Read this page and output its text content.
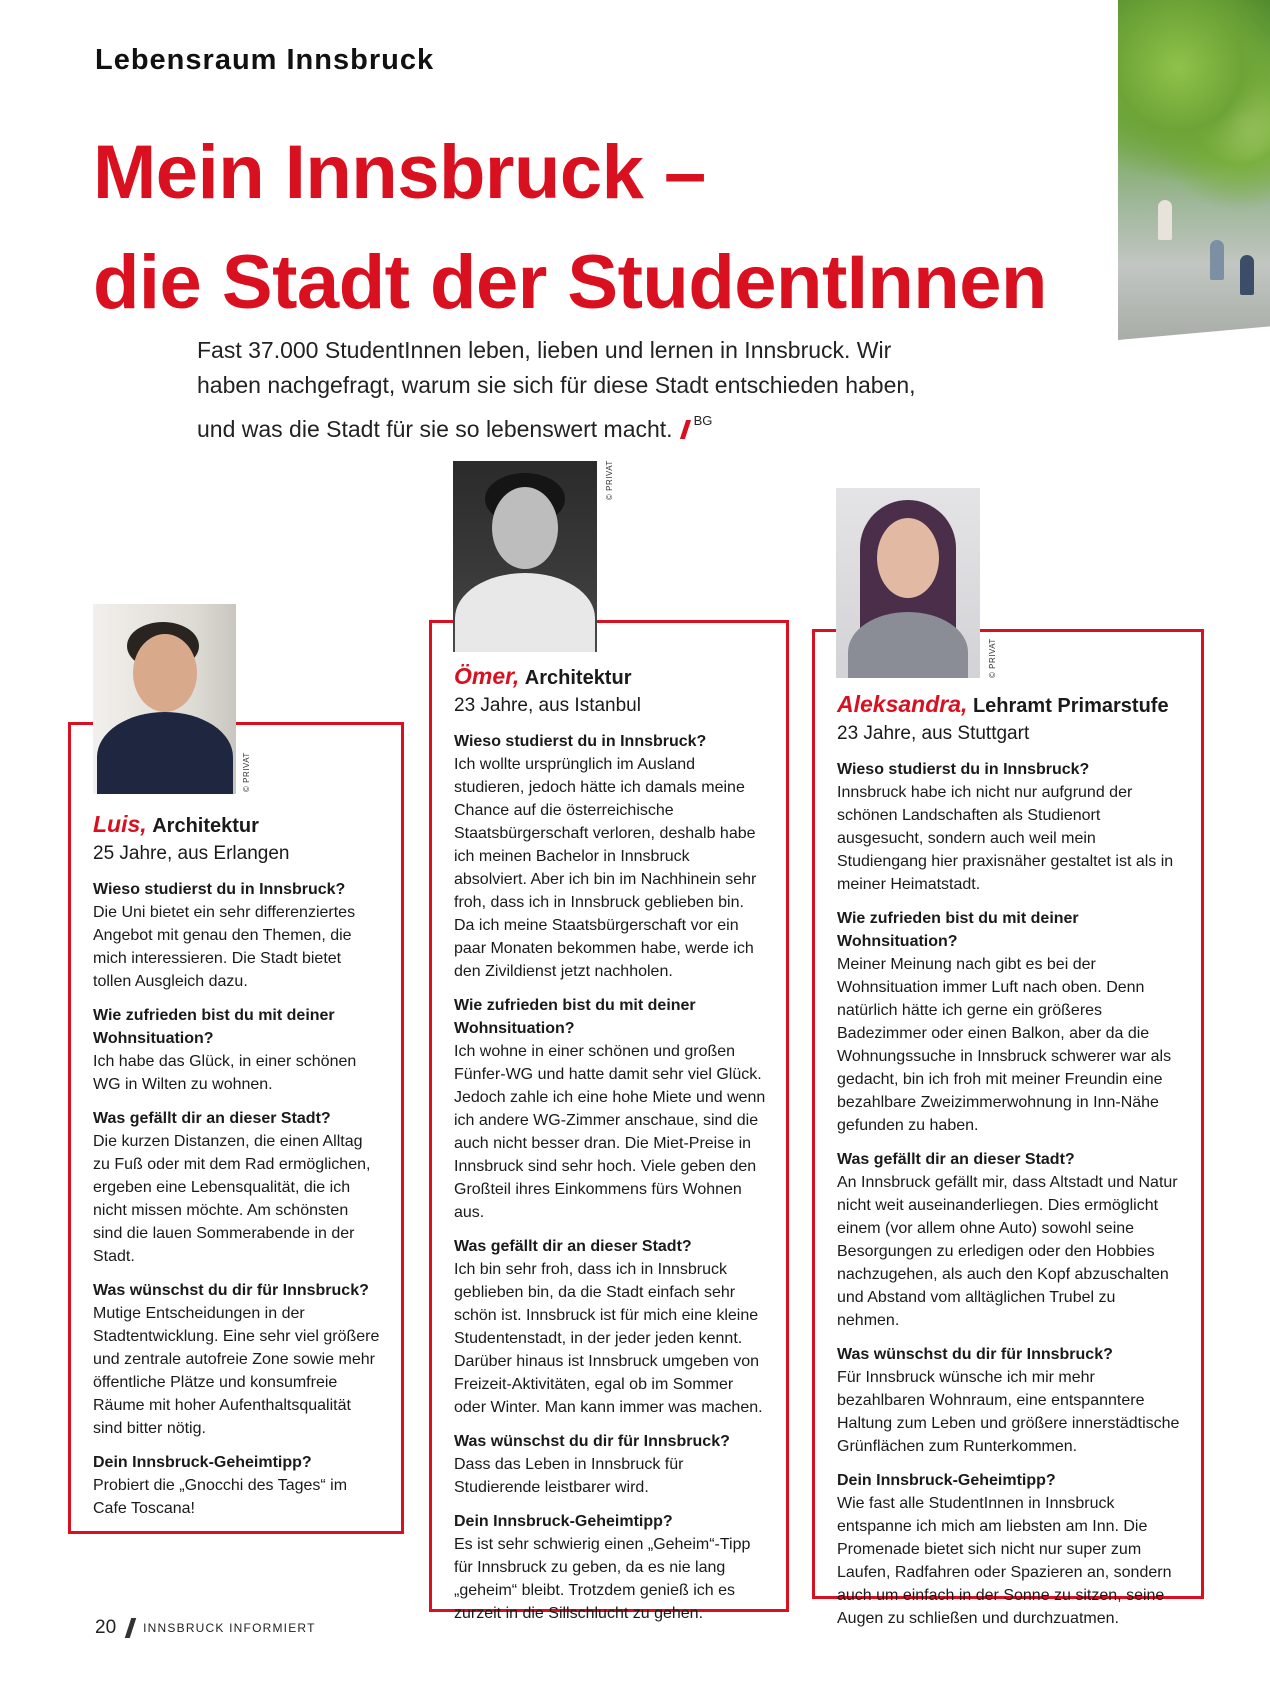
Lebensraum Innsbruck
Mein Innsbruck –
die Stadt der StudentInnen
Fast 37.000 StudentInnen leben, lieben und lernen in Innsbruck. Wir haben nachgefragt, warum sie sich für diese Stadt entschieden haben, und was die Stadt für sie so lebenswert macht. $^{BG}$
© PRIVAT
Luis, Architektur
25 Jahre, aus Erlangen
Wieso studierst du in Innsbruck?
Die Uni bietet ein sehr differenziertes Angebot mit genau den Themen, die mich interessieren. Die Stadt bietet tollen Ausgleich dazu.
Wie zufrieden bist du mit deiner Wohnsituation?
Ich habe das Glück, in einer schönen WG in Wilten zu wohnen.
Was gefällt dir an dieser Stadt?
Die kurzen Distanzen, die einen Alltag zu Fuß oder mit dem Rad ermöglichen, ergeben eine Lebensqualität, die ich nicht missen möchte. Am schönsten sind die lauen Sommerabende in der Stadt.
Was wünschst du dir für Innsbruck?
Mutige Entscheidungen in der Stadtentwicklung. Eine sehr viel größere und zentrale autofreie Zone sowie mehr öffentliche Plätze und konsumfreie Räume mit hoher Aufenthaltsqualität sind bitter nötig.
Dein Innsbruck-Geheimtipp?
Probiert die „Gnocchi des Tages“ im Cafe Toscana!
© PRIVAT
Ömer, Architektur
23 Jahre, aus Istanbul
Wieso studierst du in Innsbruck?
Ich wollte ursprünglich im Ausland studieren, jedoch hätte ich damals meine Chance auf die österreichische Staatsbürgerschaft verloren, deshalb habe ich meinen Bachelor in Innsbruck absolviert. Aber ich bin im Nachhinein sehr froh, dass ich in Innsbruck geblieben bin. Da ich meine Staatsbürgerschaft vor ein paar Monaten bekommen habe, werde ich den Zivildienst jetzt nachholen.
Wie zufrieden bist du mit deiner Wohnsituation?
Ich wohne in einer schönen und großen Fünfer-WG und hatte damit sehr viel Glück. Jedoch zahle ich eine hohe Miete und wenn ich andere WG-Zimmer anschaue, sind die auch nicht besser dran. Die Miet-Preise in Innsbruck sind sehr hoch. Viele geben den Großteil ihres Einkommens fürs Wohnen aus.
Was gefällt dir an dieser Stadt?
Ich bin sehr froh, dass ich in Innsbruck geblieben bin, da die Stadt einfach sehr schön ist. Innsbruck ist für mich eine kleine Studentenstadt, in der jeder jeden kennt. Darüber hinaus ist Innsbruck umgeben von Freizeit-Aktivitäten, egal ob im Sommer oder Winter. Man kann immer was machen.
Was wünschst du dir für Innsbruck?
Dass das Leben in Innsbruck für Studierende leistbarer wird.
Dein Innsbruck-Geheimtipp?
Es ist sehr schwierig einen „Geheim“-Tipp für Innsbruck zu geben, da es nie lang „geheim“ bleibt. Trotzdem genieß ich es zurzeit in die Sillschlucht zu gehen.
© PRIVAT
Aleksandra, Lehramt Primarstufe
23 Jahre, aus Stuttgart
Wieso studierst du in Innsbruck?
Innsbruck habe ich nicht nur aufgrund der schönen Landschaften als Studienort ausgesucht, sondern auch weil mein Studiengang hier praxisnäher gestaltet ist als in meiner Heimatstadt.
Wie zufrieden bist du mit deiner Wohnsituation?
Meiner Meinung nach gibt es bei der Wohnsituation immer Luft nach oben. Denn natürlich hätte ich gerne ein größeres Badezimmer oder einen Balkon, aber da die Wohnungssuche in Innsbruck schwerer war als gedacht, bin ich froh mit meiner Freundin eine bezahlbare Zweizimmerwohnung in Inn-Nähe gefunden zu haben.
Was gefällt dir an dieser Stadt?
An Innsbruck gefällt mir, dass Altstadt und Natur nicht weit auseinanderliegen. Dies ermöglicht einem (vor allem ohne Auto) sowohl seine Besorgungen zu erledigen oder den Hobbies nachzugehen, als auch den Kopf abzuschalten und Abstand vom alltäglichen Trubel zu nehmen.
Was wünschst du dir für Innsbruck?
Für Innsbruck wünsche ich mir mehr bezahlbaren Wohnraum, eine entspanntere Haltung zum Leben und größere innerstädtische Grünflächen zum Runterkommen.
Dein Innsbruck-Geheimtipp?
Wie fast alle StudentInnen in Innsbruck entspanne ich mich am liebsten am Inn. Die Promenade bietet sich nicht nur super zum Laufen, Radfahren oder Spazieren an, sondern auch um einfach in der Sonne zu sitzen, seine Augen zu schließen und durchzuatmen.
20 INNSBRUCK INFORMIERT
